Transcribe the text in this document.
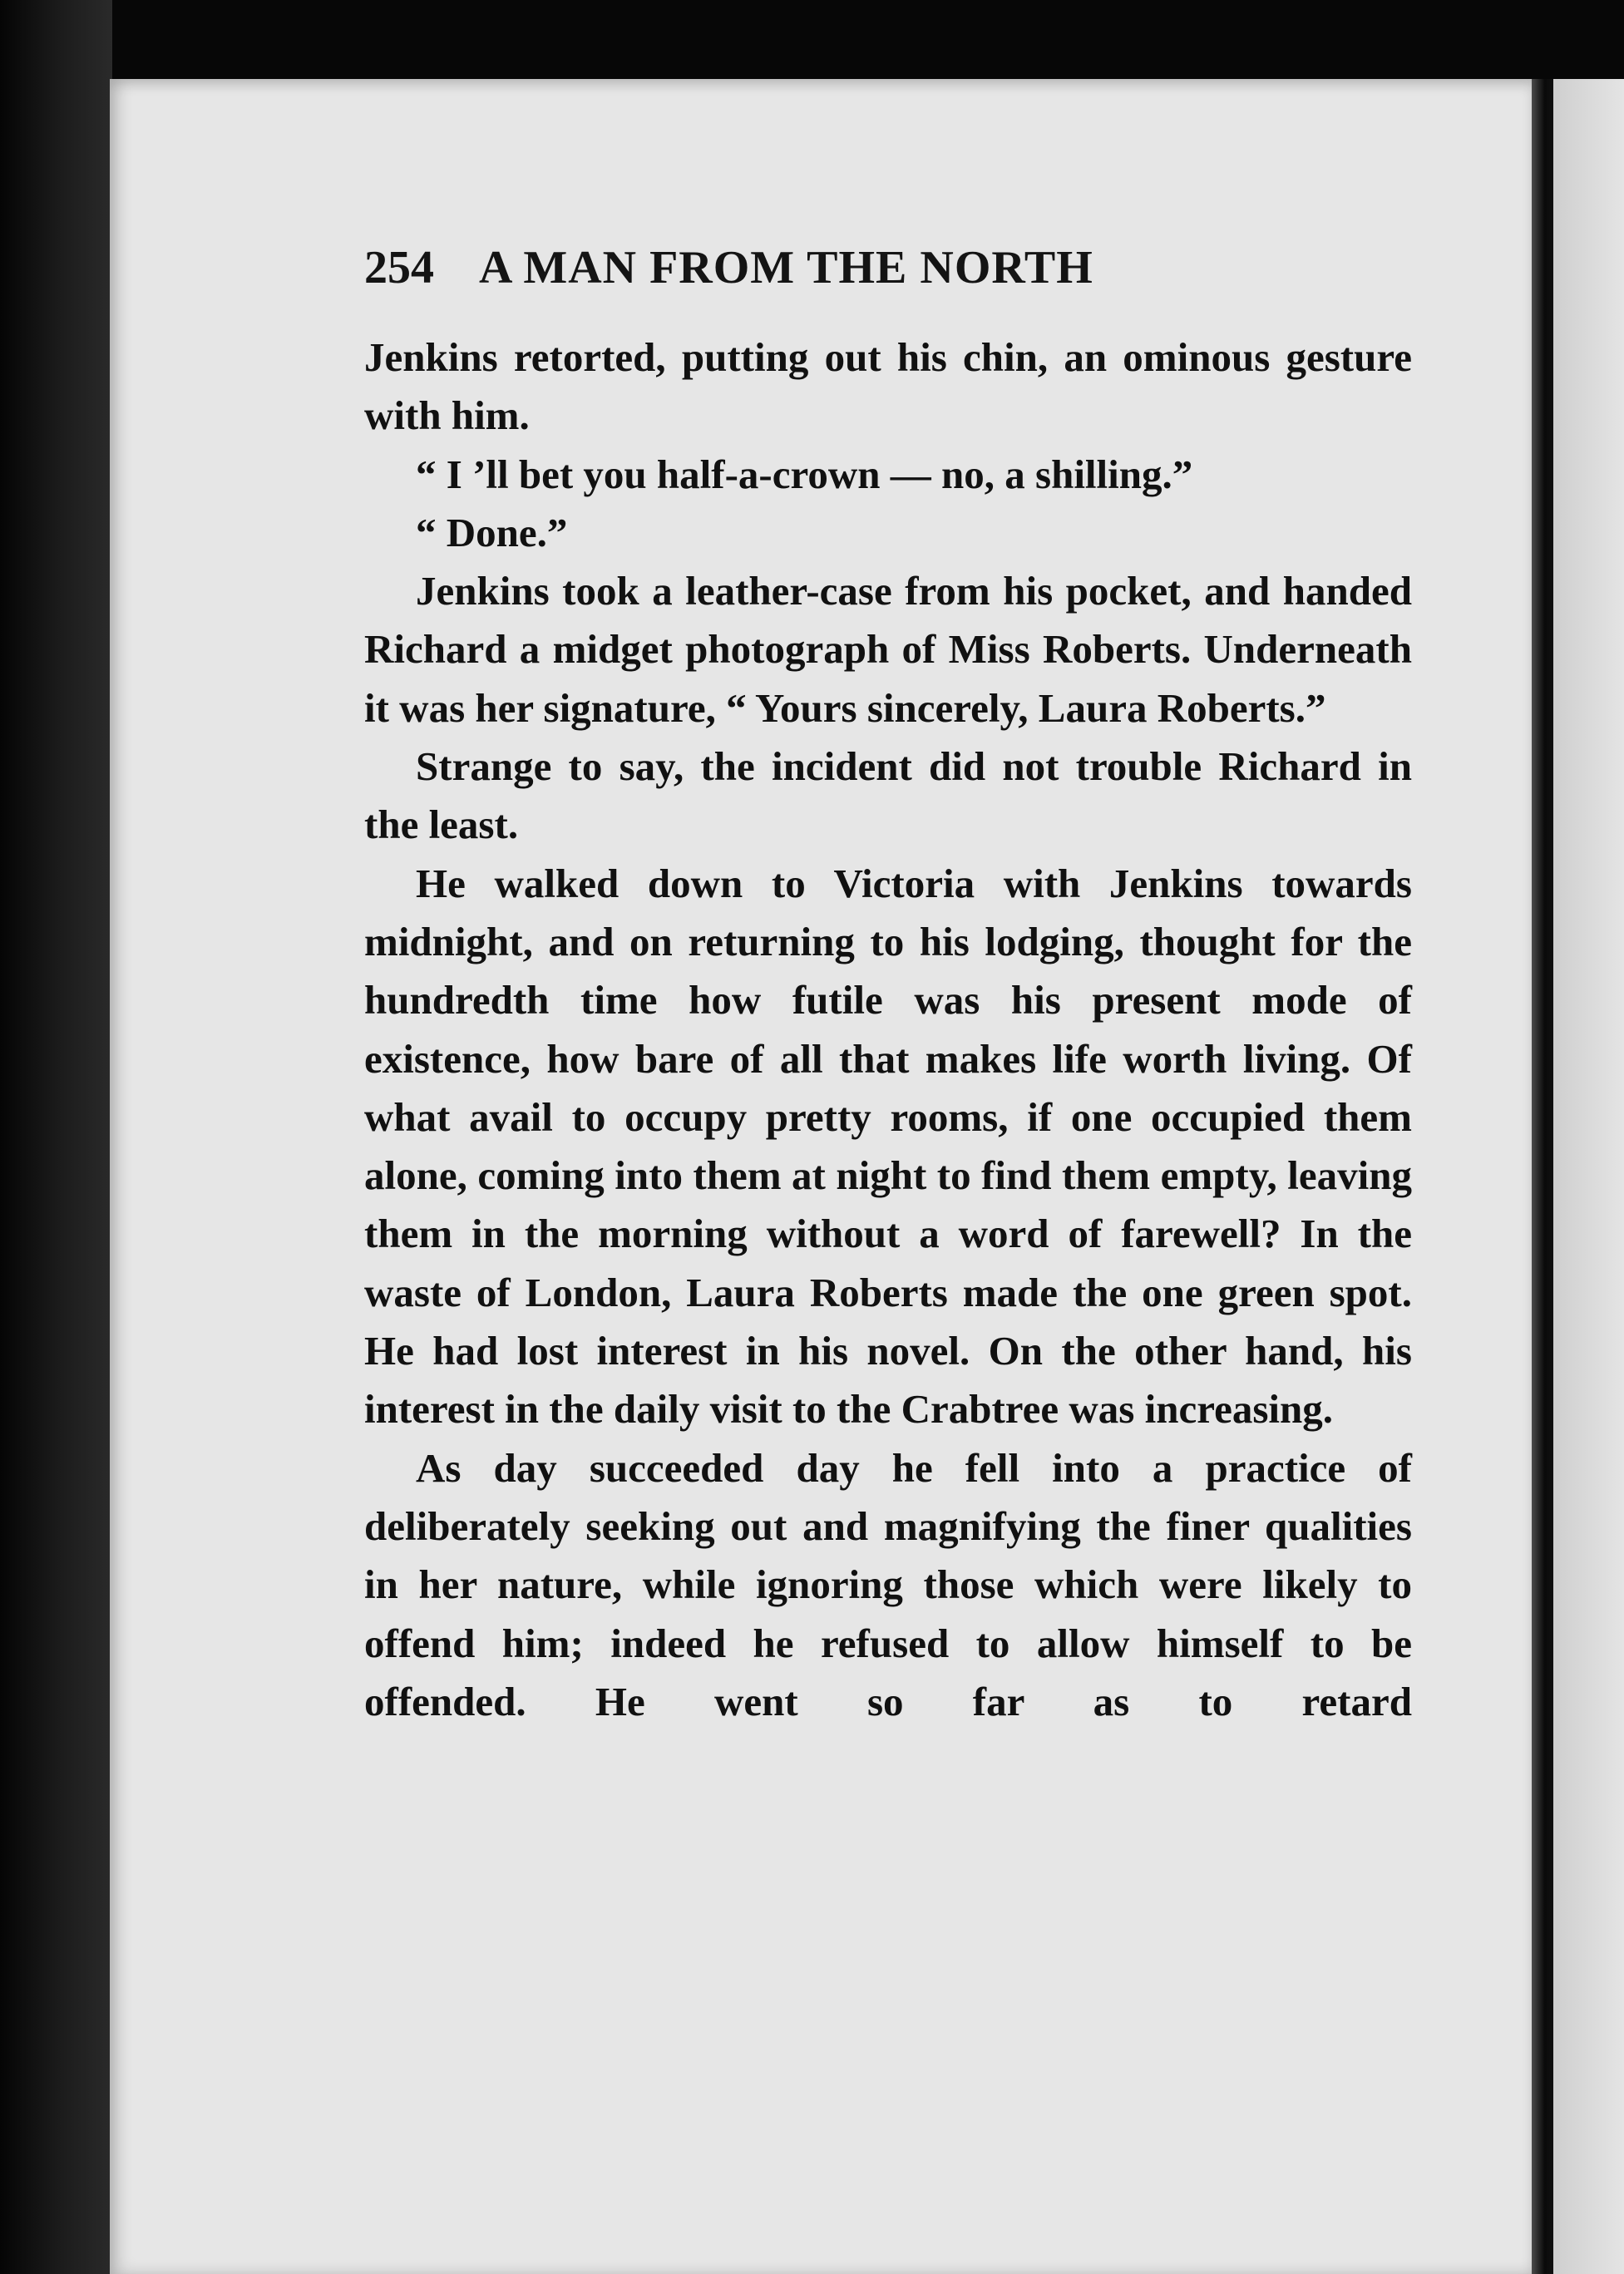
254 A MAN FROM THE NORTH

Jenkins retorted, putting out his chin, an ominous gesture with him.

“ I ’ll bet you half-a-crown — no, a shilling.”

“ Done.”

Jenkins took a leather-case from his pocket, and handed Richard a midget photograph of Miss Roberts. Underneath it was her signature, “ Yours sincerely, Laura Roberts.”

Strange to say, the incident did not trouble Richard in the least.

He walked down to Victoria with Jenkins towards midnight, and on returning to his lodging, thought for the hundredth time how futile was his present mode of existence, how bare of all that makes life worth living. Of what avail to occupy pretty rooms, if one occupied them alone, coming into them at night to find them empty, leaving them in the morning without a word of farewell? In the waste of London, Laura Roberts made the one green spot. He had lost interest in his novel. On the other hand, his interest in the daily visit to the Crabtree was increasing.

As day succeeded day he fell into a practice of deliberately seeking out and magnifying the finer qualities in her nature, while ignoring those which were likely to offend him; indeed he refused to allow himself to be offended. He went so far as to retard
